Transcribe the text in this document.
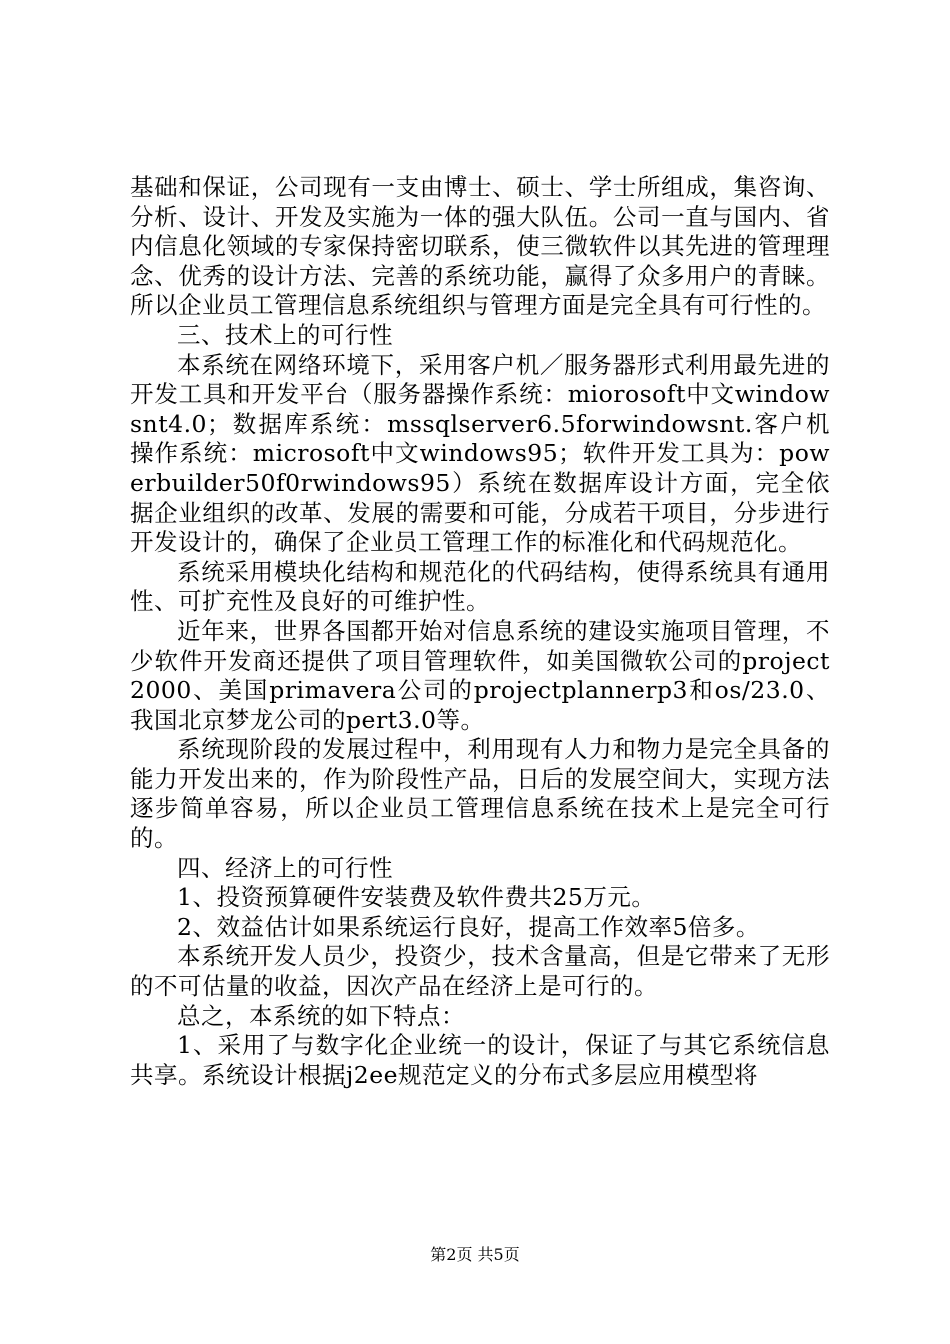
基础和保证，公司现有一支由博士、硕士、学士所组成，集咨询、分析、设计、开发及实施为一体的强大队伍。公司一直与国内、省内信息化领域的专家保持密切联系，使三微软件以其先进的管理理念、优秀的设计方法、完善的系统功能，赢得了众多用户的青睐。所以企业员工管理信息系统组织与管理方面是完全具有可行性的。

三、技术上的可行性

本系统在网络环境下，采用客户机／服务器形式利用最先进的开发工具和开发平台（服务器操作系统：miorosoft中文windowsnt4.0；数据库系统：mssqlserver6.5forwindowsnt.客户机操作系统：microsoft中文windows95；软件开发工具为：powerbuilder50f0rwindows95）系统在数据库设计方面，完全依据企业组织的改革、发展的需要和可能，分成若干项目，分步进行开发设计的，确保了企业员工管理工作的标准化和代码规范化。

系统采用模块化结构和规范化的代码结构，使得系统具有通用性、可扩充性及良好的可维护性。

近年来，世界各国都开始对信息系统的建设实施项目管理，不少软件开发商还提供了项目管理软件，如美国微软公司的project2000、美国primavera公司的projectplannerp3和os/23.0、我国北京梦龙公司的pert3.0等。

系统现阶段的发展过程中，利用现有人力和物力是完全具备的能力开发出来的，作为阶段性产品，日后的发展空间大，实现方法逐步简单容易，所以企业员工管理信息系统在技术上是完全可行的。

四、经济上的可行性

1、投资预算硬件安装费及软件费共25万元。

2、效益估计如果系统运行良好，提高工作效率5倍多。

本系统开发人员少，投资少，技术含量高，但是它带来了无形的不可估量的收益，因次产品在经济上是可行的。

总之，本系统的如下特点：

1、采用了与数字化企业统一的设计，保证了与其它系统信息共享。系统设计根据j2ee规范定义的分布式多层应用模型将

第2页 共5页
